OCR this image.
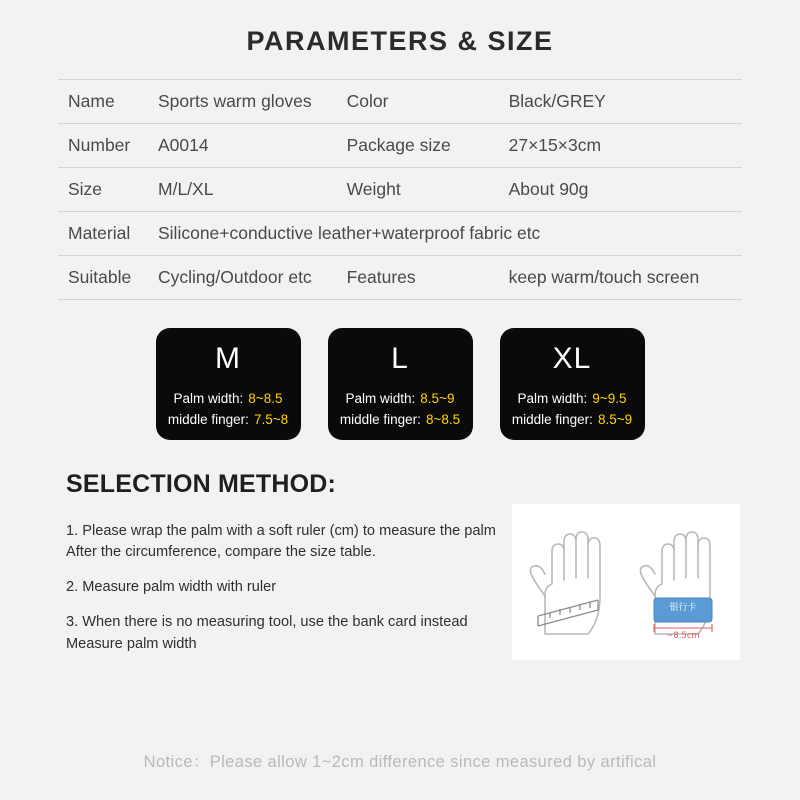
PARAMETERS & SIZE
Name	Sports warm gloves	Color	Black/GREY
Number	A0014	Package size	27×15×3cm
Size	M/L/XL	Weight	About 90g
Material	Silicone+conductive leather+waterproof fabric etc		
Suitable	Cycling/Outdoor etc	Features	keep warm/touch screen
M
Palm width: 8~8.5
middle finger: 7.5~8
L
Palm width: 8.5~9
middle finger: 8~8.5
XL
Palm width: 9~9.5
middle finger: 8.5~9
SELECTION METHOD:
1. Please wrap the palm with a soft ruler (cm) to measure the palm After the circumference, compare the size table.
2. Measure palm width with ruler
3. When there is no measuring tool, use the bank card instead Measure palm width
银行卡
~8.5cm
Notice：Please allow 1~2cm difference since measured by artifical
